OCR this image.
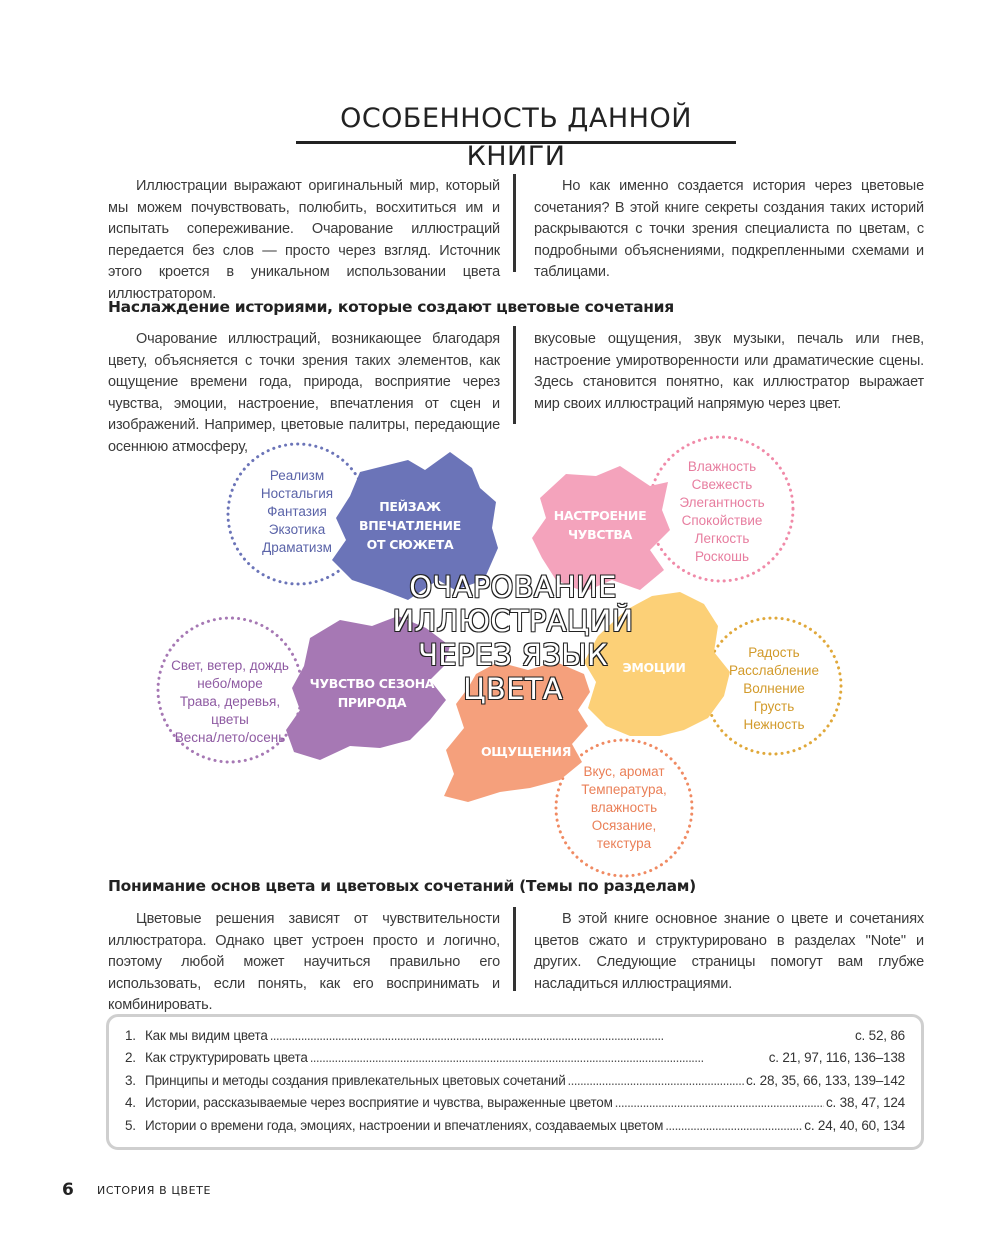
ОСОБЕННОСТЬ ДАННОЙ КНИГИ
Иллюстрации выражают оригинальный мир, который мы можем почувствовать, полюбить, восхититься им и испытать сопереживание. Очарование иллюстраций передается без слов — просто через взгляд. Источник этого кроется в уникальном использовании цвета иллюстратором.
Но как именно создается история через цветовые сочетания? В этой книге секреты создания таких историй раскрываются с точки зрения специалиста по цветам, с подробными объяснениями, подкрепленными схемами и таблицами.
Наслаждение историями, которые создают цветовые сочетания
Очарование иллюстраций, возникающее благодаря цвету, объясняется с точки зрения таких элементов, как ощущение времени года, природа, восприятие через чувства, эмоции, настроение, впечатления от сцен и изображений. Например, цветовые палитры, передающие осеннюю атмосферу,
вкусовые ощущения, звук музыки, печаль или гнев, настроение умиротворенности или драматические сцены. Здесь становится понятно, как иллюстратор выражает мир своих иллюстраций напрямую через цвет.
ПЕЙЗАЖ
ВПЕЧАТЛЕНИЕ
ОТ СЮЖЕТА
НАСТРОЕНИЕ
ЧУВСТВА
ЧУВСТВО СЕЗОНА
ПРИРОДА
ЭМОЦИИ
ОЩУЩЕНИЯ
Реализм
Ностальгия
Фантазия
Экзотика
Драматизм
Влажность
Свежесть
Элегантность
Спокойствие
Легкость
Роскошь
Свет, ветер, дождь
небо/море
Трава, деревья,
цветы
Весна/лето/осень
Радость
Расслабление
Волнение
Грусть
Нежность
Вкус, аромат
Температура,
влажность
Осязание,
текстура
ОЧАРОВАНИЕ
ИЛЛЮСТРАЦИЙ
ЧЕРЕЗ ЯЗЫК
ЦВЕТА
Понимание основ цвета и цветовых сочетаний (Темы по разделам)
Цветовые решения зависят от чувствительности иллюстратора. Однако цвет устроен просто и логично, поэтому любой может научиться правильно его использовать, если понять, как его воспринимать и комбинировать.
В этой книге основное знание о цвете и сочетаниях цветов сжато и структурировано в разделах ''Note'' и других. Следующие страницы помогут вам глубже насладиться иллюстрациями.
1. Как мы видим цвета . . .	с. 52, 86
2. Как структурировать цвета . . .	с. 21, 97, 116, 136–138
3. Принципы и методы создания привлекательных цветовых сочетаний . . .	с. 28, 35, 66, 133, 139–142
4. Истории, рассказываемые через восприятие и чувства, выраженные цветом . . .	с. 38, 47, 124
5. Истории о времени года, эмоциях, настроении и впечатлениях, создаваемых цветом . . .	с. 24, 40, 60, 134
6 ИСТОРИЯ В ЦВЕТЕ
